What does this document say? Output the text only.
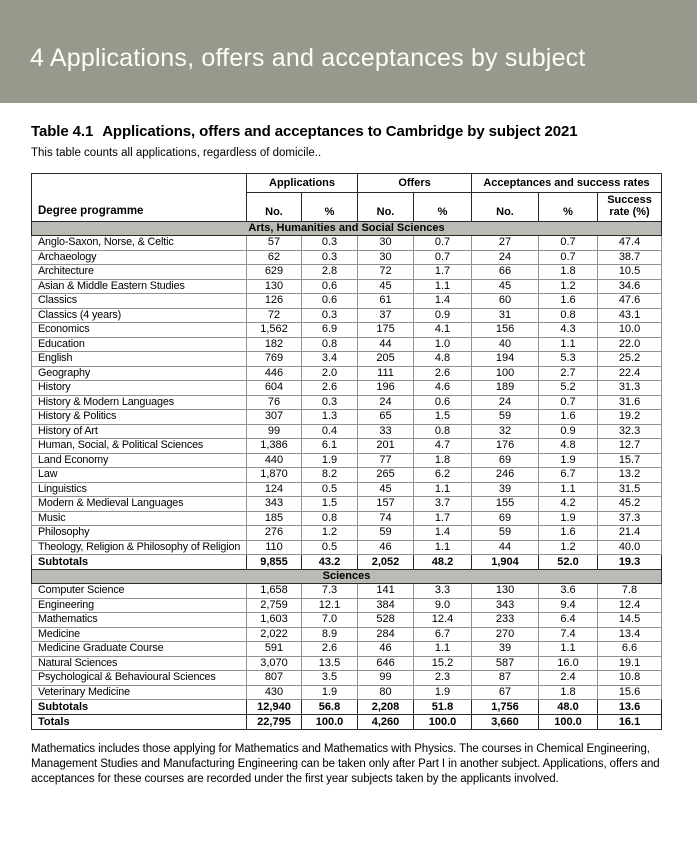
4 Applications, offers and acceptances by subject
Table 4.1 Applications, offers and acceptances to Cambridge by subject 2021
This table counts all applications, regardless of domicile..
Degree programme	Applications		Offers		Acceptances and success rates		
	No.	%	No.	%	No.	%	Success rate (%)
Arts, Humanities and Social Sciences							
Anglo-Saxon, Norse, & Celtic	57	0.3	30	0.7	27	0.7	47.4
Archaeology	62	0.3	30	0.7	24	0.7	38.7
Architecture	629	2.8	72	1.7	66	1.8	10.5
Asian & Middle Eastern Studies	130	0.6	45	1.1	45	1.2	34.6
Classics	126	0.6	61	1.4	60	1.6	47.6
Classics (4 years)	72	0.3	37	0.9	31	0.8	43.1
Economics	1,562	6.9	175	4.1	156	4.3	10.0
Education	182	0.8	44	1.0	40	1.1	22.0
English	769	3.4	205	4.8	194	5.3	25.2
Geography	446	2.0	111	2.6	100	2.7	22.4
History	604	2.6	196	4.6	189	5.2	31.3
History & Modern Languages	76	0.3	24	0.6	24	0.7	31.6
History & Politics	307	1.3	65	1.5	59	1.6	19.2
History of Art	99	0.4	33	0.8	32	0.9	32.3
Human, Social, & Political Sciences	1,386	6.1	201	4.7	176	4.8	12.7
Land Economy	440	1.9	77	1.8	69	1.9	15.7
Law	1,870	8.2	265	6.2	246	6.7	13.2
Linguistics	124	0.5	45	1.1	39	1.1	31.5
Modern & Medieval Languages	343	1.5	157	3.7	155	4.2	45.2
Music	185	0.8	74	1.7	69	1.9	37.3
Philosophy	276	1.2	59	1.4	59	1.6	21.4
Theology, Religion & Philosophy of Religion	110	0.5	46	1.1	44	1.2	40.0
Subtotals	9,855	43.2	2,052	48.2	1,904	52.0	19.3
Sciences							
Computer Science	1,658	7.3	141	3.3	130	3.6	7.8
Engineering	2,759	12.1	384	9.0	343	9.4	12.4
Mathematics	1,603	7.0	528	12.4	233	6.4	14.5
Medicine	2,022	8.9	284	6.7	270	7.4	13.4
Medicine Graduate Course	591	2.6	46	1.1	39	1.1	6.6
Natural Sciences	3,070	13.5	646	15.2	587	16.0	19.1
Psychological & Behavioural Sciences	807	3.5	99	2.3	87	2.4	10.8
Veterinary Medicine	430	1.9	80	1.9	67	1.8	15.6
Subtotals	12,940	56.8	2,208	51.8	1,756	48.0	13.6
Totals	22,795	100.0	4,260	100.0	3,660	100.0	16.1
Mathematics includes those applying for Mathematics and Mathematics with Physics. The courses in Chemical Engineering, Management Studies and Manufacturing Engineering can be taken only after Part I in another subject. Applications, offers and acceptances for these courses are recorded under the first year subjects taken by the applicants involved.
